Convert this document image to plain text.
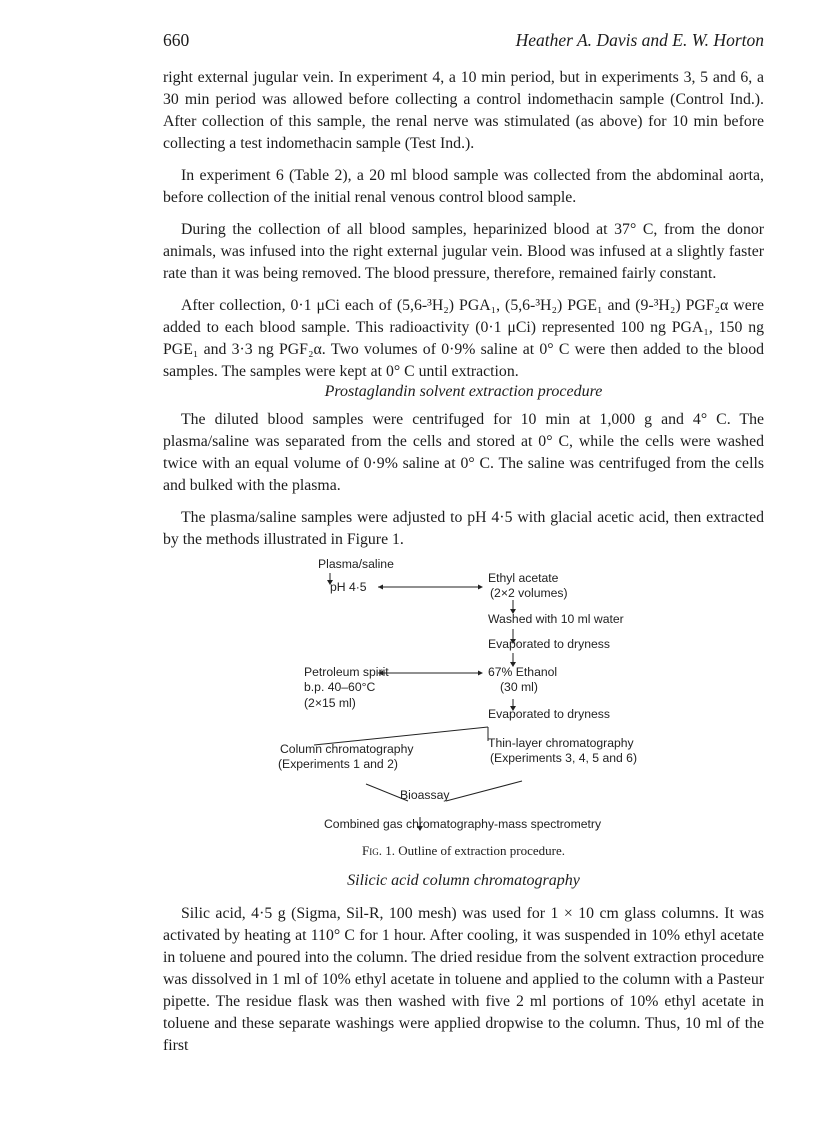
660	Heather A. Davis and E. W. Horton

right external jugular vein. In experiment 4, a 10 min period, but in experiments 3, 5 and 6, a 30 min period was allowed before collecting a control indomethacin sample (Control Ind.). After collection of this sample, the renal nerve was stimulated (as above) for 10 min before collecting a test indomethacin sample (Test Ind.).

In experiment 6 (Table 2), a 20 ml blood sample was collected from the abdominal aorta, before collection of the initial renal venous control blood sample.

During the collection of all blood samples, heparinized blood at 37° C, from the donor animals, was infused into the right external jugular vein. Blood was infused at a slightly faster rate than it was being removed. The blood pressure, therefore, remained fairly constant.

After collection, 0·1 μCi each of (5,6-³H₂) PGA₁, (5,6-³H₂) PGE₁ and (9-³H₂) PGF₂α were added to each blood sample. This radioactivity (0·1 μCi) represented 100 ng PGA₁, 150 ng PGE₁ and 3·3 ng PGF₂α. Two volumes of 0·9% saline at 0° C were then added to the blood samples. The samples were kept at 0° C until extraction.

Prostaglandin solvent extraction procedure

The diluted blood samples were centrifuged for 10 min at 1,000 g and 4° C. The plasma/saline was separated from the cells and stored at 0° C, while the cells were washed twice with an equal volume of 0·9% saline at 0° C. The saline was centrifuged from the cells and bulked with the plasma.

The plasma/saline samples were adjusted to pH 4·5 with glacial acetic acid, then extracted by the methods illustrated in Figure 1.

Plasma/saline
pH 4·5
Ethyl acetate
(2×2 volumes)
Washed with 10 ml water
Evaporated to dryness
Petroleum spirit
b.p. 40–60°C
(2×15 ml)
67% Ethanol
(30 ml)
Evaporated to dryness
Column chromatography
(Experiments 1 and 2)
Thin-layer chromatography
(Experiments 3, 4, 5 and 6)
Bioassay
Combined gas chromatography-mass spectrometry
Fig. 1. Outline of extraction procedure.
Silicic acid column chromatography

Silic acid, 4·5 g (Sigma, Sil-R, 100 mesh) was used for 1 × 10 cm glass columns. It was activated by heating at 110° C for 1 hour. After cooling, it was suspended in 10% ethyl acetate in toluene and poured into the column. The dried residue from the solvent extraction procedure was dissolved in 1 ml of 10% ethyl acetate in toluene and applied to the column with a Pasteur pipette. The residue flask was then washed with five 2 ml portions of 10% ethyl acetate in toluene and these separate washings were applied dropwise to the column. Thus, 10 ml of the first
